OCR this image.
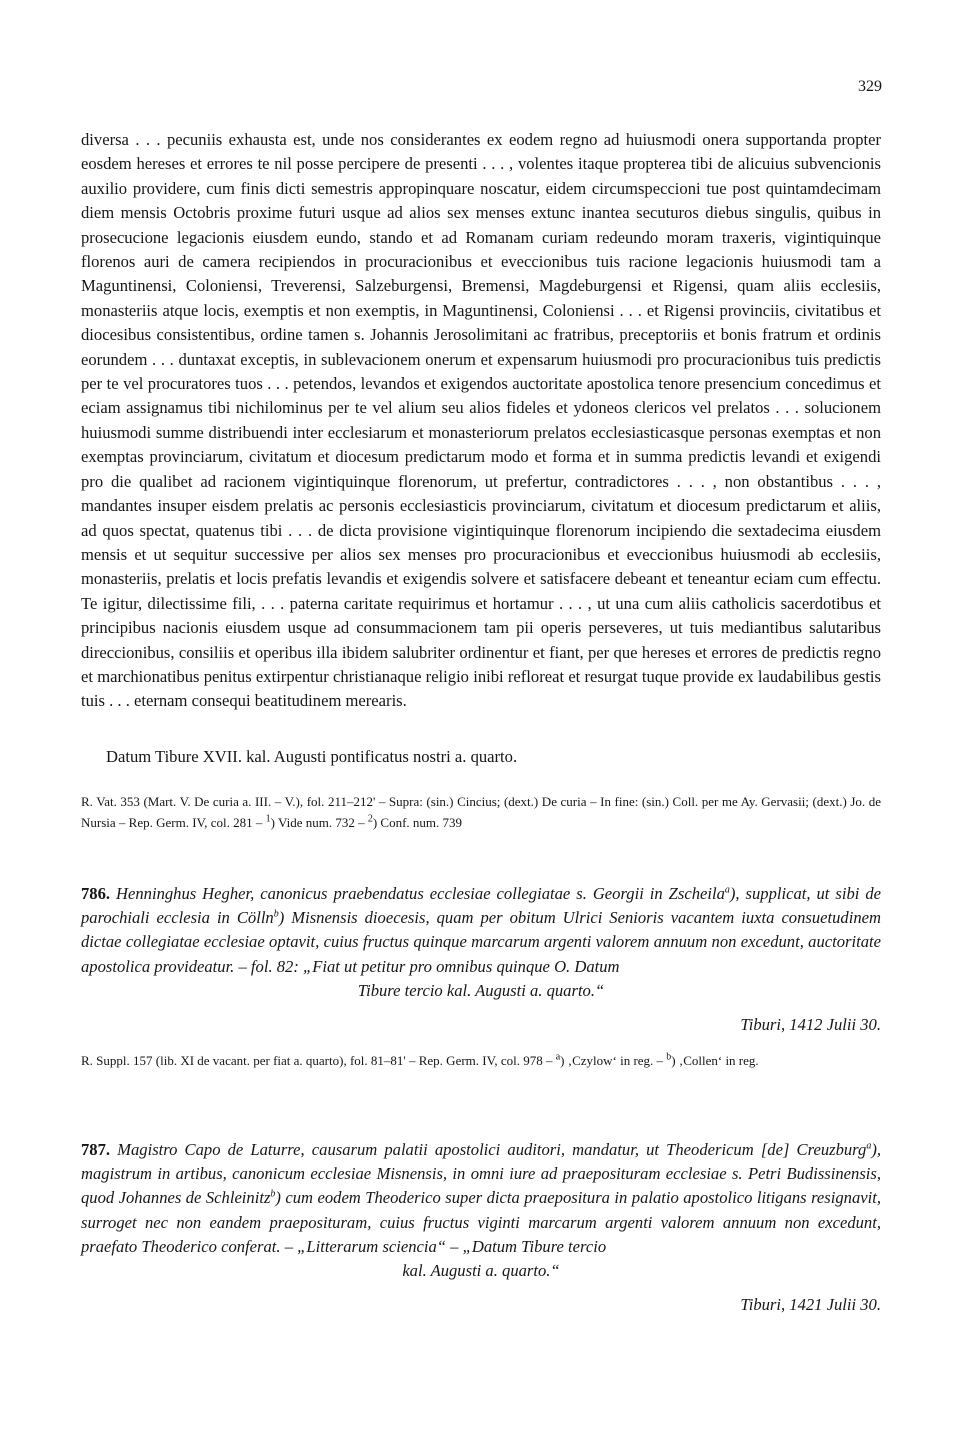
329

diversa . . . pecuniis exhausta est, unde nos considerantes ex eodem regno ad huiusmodi onera supportanda propter eosdem hereses et errores te nil posse percipere de presenti . . . , volentes itaque propterea tibi de alicuius subvencionis auxilio providere, cum finis dicti semestris appropinquare noscatur, eidem circumspeccioni tue post quintamdecimam diem mensis Octobris proxime futuri usque ad alios sex menses extunc inantea secuturos diebus singulis, quibus in prosecucione legacionis eiusdem eundo, stando et ad Romanam curiam redeundo moram traxeris, vigintiquinque florenos auri de camera recipiendos in procuracionibus et eveccionibus tuis racione legacionis huiusmodi tam a Maguntinensi, Coloniensi, Treverensi, Salzeburgensi, Bremensi, Magdeburgensi et Rigensi, quam aliis ecclesiis, monasteriis atque locis, exemptis et non exemptis, in Maguntinensi, Coloniensi . . . et Rigensi provinciis, civitatibus et diocesibus consistentibus, ordine tamen s. Johannis Jerosolimitani ac fratribus, preceptoriis et bonis fratrum et ordinis eorundem . . . duntaxat exceptis, in sublevacionem onerum et expensarum huiusmodi pro procuracionibus tuis predictis per te vel procuratores tuos . . . petendos, levandos et exigendos auctoritate apostolica tenore presencium concedimus et eciam assignamus tibi nichilominus per te vel alium seu alios fideles et ydoneos clericos vel prelatos . . . solucionem huiusmodi summe distribuendi inter ecclesiarum et monasteriorum prelatos ecclesiasticasque personas exemptas et non exemptas provinciarum, civitatum et diocesum predictarum modo et forma et in summa predictis levandi et exigendi pro die qualibet ad racionem vigintiquinque florenorum, ut prefertur, contradictores . . . , non obstantibus . . . , mandantes insuper eisdem prelatis ac personis ecclesiasticis provinciarum, civitatum et diocesum predictarum et aliis, ad quos spectat, quatenus tibi . . . de dicta provisione vigintiquinque florenorum incipiendo die sextadecima eiusdem mensis et ut sequitur successive per alios sex menses pro procuracionibus et eveccionibus huiusmodi ab ecclesiis, monasteriis, prelatis et locis prefatis levandis et exigendis solvere et satisfacere debeant et teneantur eciam cum effectu. Te igitur, dilectissime fili, . . . paterna caritate requirimus et hortamur . . . , ut una cum aliis catholicis sacerdotibus et principibus nacionis eiusdem usque ad consummacionem tam pii operis perseveres, ut tuis mediantibus salutaribus direccionibus, consiliis et operibus illa ibidem salubriter ordinentur et fiant, per que hereses et errores de predictis regno et marchionatibus penitus extirpentur christianaque religio inibi refloreat et resurgat tuque provide ex laudabilibus gestis tuis . . . eternam consequi beatitudinem merearis.

Datum Tibure XVII. kal. Augusti pontificatus nostri a. quarto.

R. Vat. 353 (Mart. V. De curia a. III. – V.), fol. 211–212' – Supra: (sin.) Cincius; (dext.) De curia – In fine: (sin.) Coll. per me Ay. Gervasii; (dext.) Jo. de Nursia – Rep. Germ. IV, col. 281 – $^1$) Vide num. 732 – $^2$) Conf. num. 739

786. Henninghus Hegher, canonicus praebendatus ecclesiae collegiatae s. Georgii in Zscheila$^a$), supplicat, ut sibi de parochiali ecclesia in Cölln$^b$) Misnensis dioecesis, quam per obitum Ulrici Senioris vacantem iuxta consuetudinem dictae collegiatae ecclesiae optavit, cuius fructus quinque marcarum argenti valorem annuum non excedunt, auctoritate apostolica provideatur. – fol. 82: „Fiat ut petitur pro omnibus quinque O. Datum

Tibure tercio kal. Augusti a. quarto.“

Tiburi, 1412 Julii 30.

R. Suppl. 157 (lib. XI de vacant. per fiat a. quarto), fol. 81–81' – Rep. Germ. IV, col. 978 – $^a$) ‚Czylow‘ in reg. – $^b$) ‚Collen‘ in reg.

787. Magistro Capo de Laturre, causarum palatii apostolici auditori, mandatur, ut Theodericum [de] Creuzburg$^a$), magistrum in artibus, canonicum ecclesiae Misnensis, in omni iure ad praeposituram ecclesiae s. Petri Budissinensis, quod Johannes de Schleinitz$^b$) cum eodem Theoderico super dicta praepositura in palatio apostolico litigans resignavit, surroget nec non eandem praeposituram, cuius fructus viginti marcarum argenti valorem annuum non excedunt, praefato Theoderico conferat. – „Litterarum sciencia“ – „Datum Tibure tercio

kal. Augusti a. quarto.“

Tiburi, 1421 Julii 30.
